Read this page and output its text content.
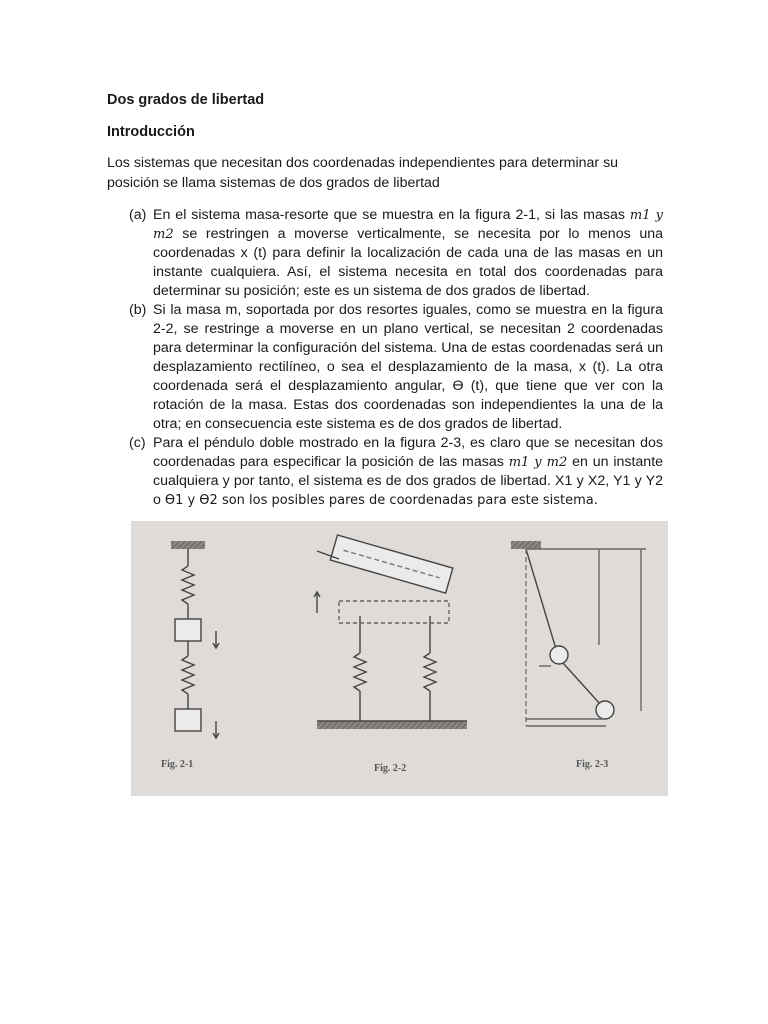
Dos grados de libertad
Introducción

Los sistemas que necesitan dos coordenadas independientes para determinar su posición se llama sistemas de dos grados de libertad

(a) En el sistema masa-resorte que se muestra en la figura 2-1, si las masas m1 y m2 se restringen a moverse verticalmente, se necesita por lo menos una coordenadas x (t) para definir la localización de cada una de las masas en un instante cualquiera. Así, el sistema necesita en total dos coordenadas para determinar su posición; este es un sistema de dos grados de libertad.
(b) Si la masa m, soportada por dos resortes iguales, como se muestra en la figura 2-2, se restringe a moverse en un plano vertical, se necesitan 2 coordenadas para determinar la configuración del sistema. Una de estas coordenadas será un desplazamiento rectilíneo, o sea el desplazamiento de la masa, x (t). La otra coordenada será el desplazamiento angular, ϴ (t), que tiene que ver con la rotación de la masa. Estas dos coordenadas son independientes la una de la otra; en consecuencia este sistema es de dos grados de libertad.
(c) Para el péndulo doble mostrado en la figura 2-3, es claro que se necesitan dos coordenadas para especificar la posición de las masas m1 y m2 en un instante cualquiera y por tanto, el sistema es de dos grados de libertad. X1 y X2, Y1 y Y2 o ϴ1 y ϴ2 son los posibles pares de coordenadas para este sistema.
Fig. 2-1	Fig. 2-2	Fig. 2-3
